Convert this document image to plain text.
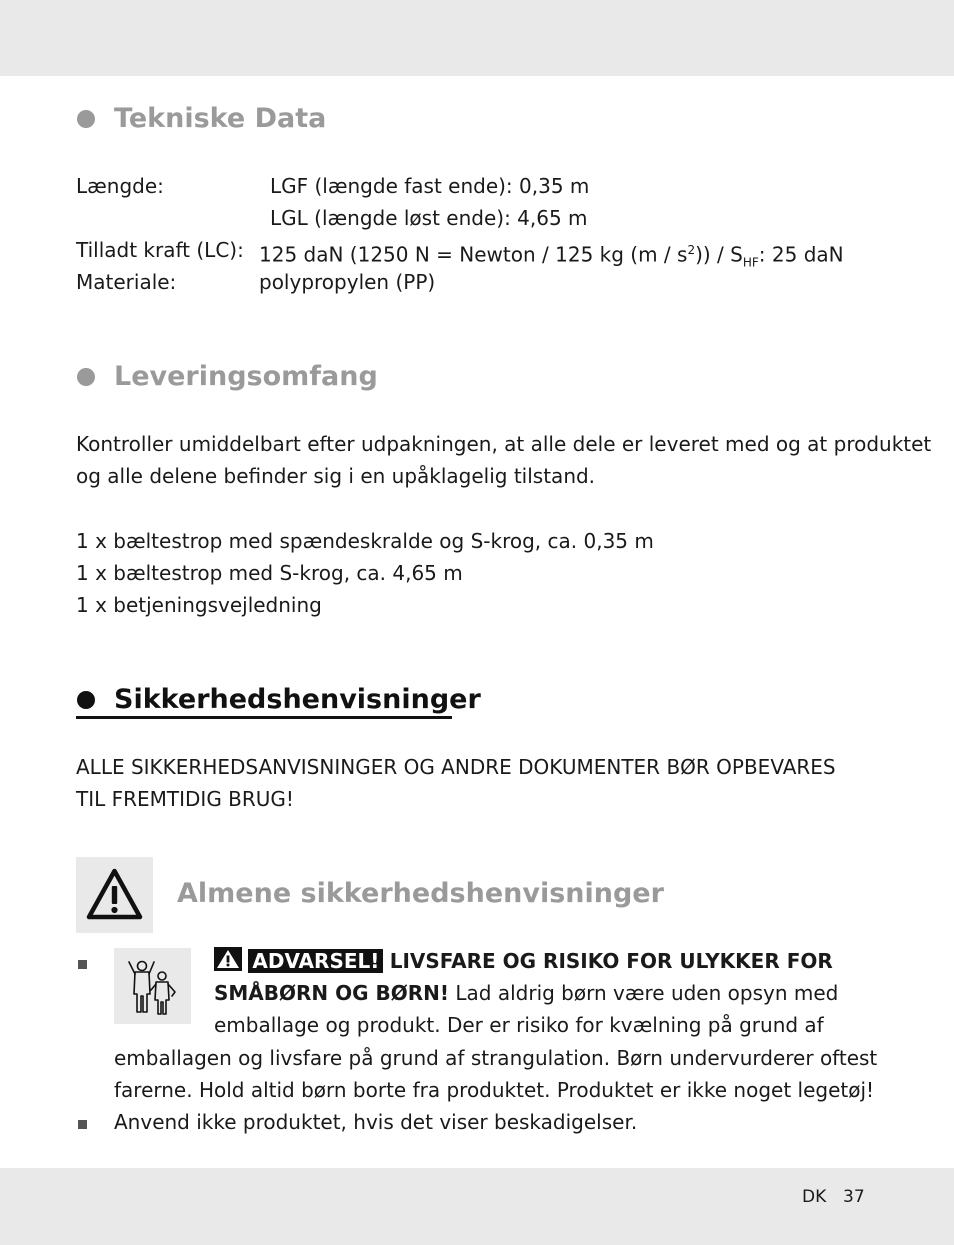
Tekniske Data
Længde:	LGF (længde fast ende): 0,35 m
LGL (længde løst ende): 4,65 m
Tilladt kraft (LC): 125 daN (1250 N = Newton / 125 kg $(m / s^2)) / S_{HF}$: 25 daN
Materiale:	polypropylen (PP)
Leveringsomfang
Kontroller umiddelbart efter udpakningen, at alle dele er leveret med og at produktet
og alle delene befinder sig i en upåklagelig tilstand.
1 x bæltestrop med spændeskralde og S-krog, ca. 0,35 m
1 x bæltestrop med S-krog, ca. 4,65 m
1 x betjeningsvejledning
Sikkerhedshenvisninger
ALLE SIKKERHEDSANVISNINGER OG ANDRE DOKUMENTER BØR OPBEVARES
TIL FREMTIDIG BRUG!
Almene sikkerhedshenvisninger
ADVARSEL! LIVSFARE OG RISIKO FOR ULYKKER FOR
SMÅBØRN OG BØRN! Lad aldrig børn være uden opsyn med
emballage og produkt. Der er risiko for kvælning på grund af
emballagen og livsfare på grund af strangulation. Børn undervurderer oftest
farerne. Hold altid børn borte fra produktet. Produktet er ikke noget legetøj!
Anvend ikke produktet, hvis det viser beskadigelser.
DK 37
